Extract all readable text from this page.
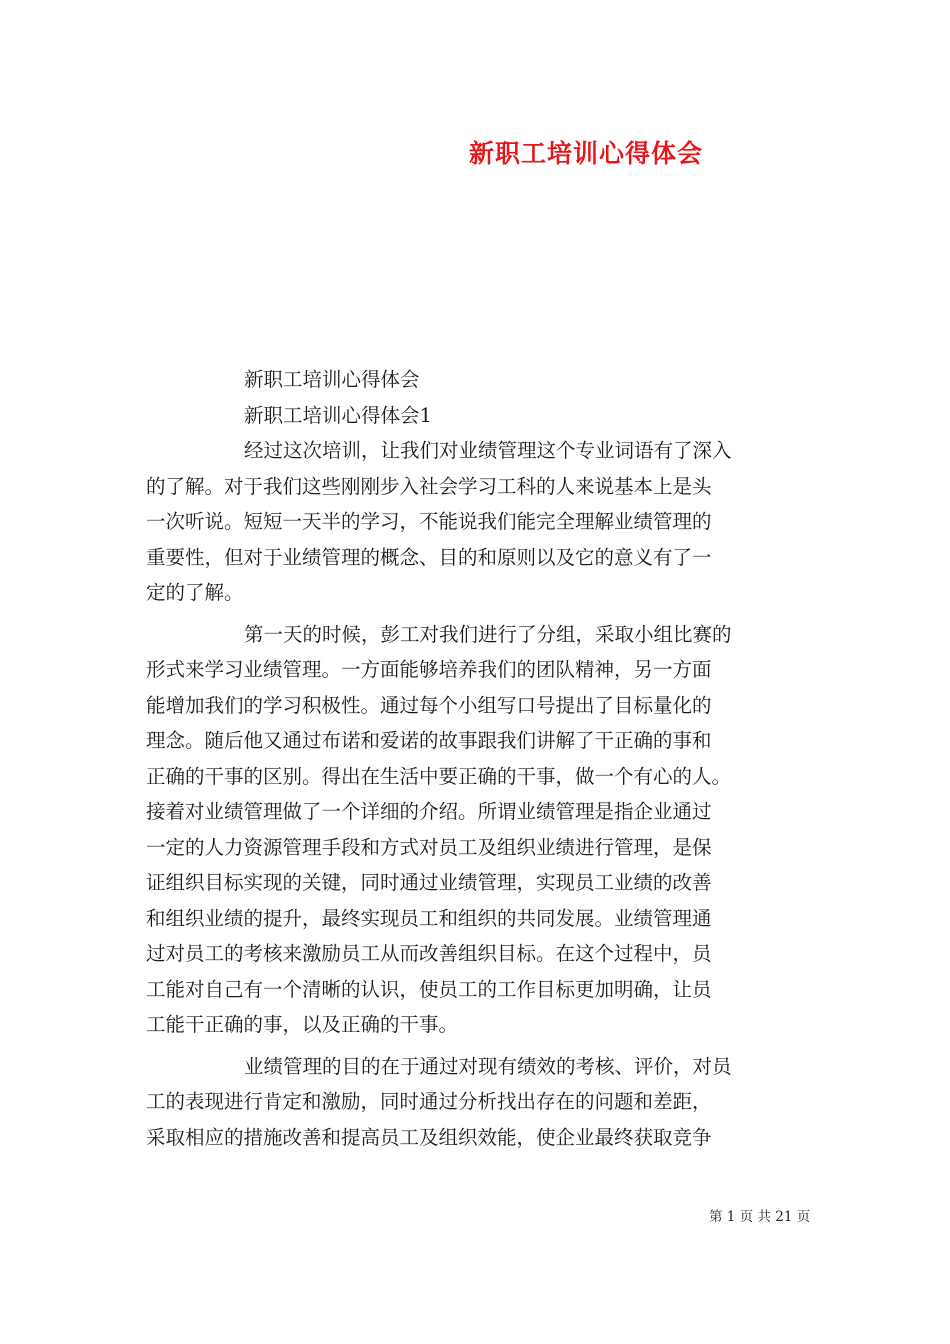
新职工培训心得体会
新职工培训心得体会
新职工培训心得体会1
经过这次培训，让我们对业绩管理这个专业词语有了深入
的了解。对于我们这些刚刚步入社会学习工科的人来说基本上是头
一次听说。短短一天半的学习，不能说我们能完全理解业绩管理的
重要性，但对于业绩管理的概念、目的和原则以及它的意义有了一
定的了解。
第一天的时候，彭工对我们进行了分组，采取小组比赛的
形式来学习业绩管理。一方面能够培养我们的团队精神，另一方面
能增加我们的学习积极性。通过每个小组写口号提出了目标量化的
理念。随后他又通过布诺和爱诺的故事跟我们讲解了干正确的事和
正确的干事的区别。得出在生活中要正确的干事，做一个有心的人。
接着对业绩管理做了一个详细的介绍。所谓业绩管理是指企业通过
一定的人力资源管理手段和方式对员工及组织业绩进行管理，是保
证组织目标实现的关键，同时通过业绩管理，实现员工业绩的改善
和组织业绩的提升，最终实现员工和组织的共同发展。业绩管理通
过对员工的考核来激励员工从而改善组织目标。在这个过程中，员
工能对自己有一个清晰的认识，使员工的工作目标更加明确，让员
工能干正确的事，以及正确的干事。
业绩管理的目的在于通过对现有绩效的考核、评价，对员
工的表现进行肯定和激励，同时通过分析找出存在的问题和差距，
采取相应的措施改善和提高员工及组织效能，使企业最终获取竞争
第 1 页 共 21 页
